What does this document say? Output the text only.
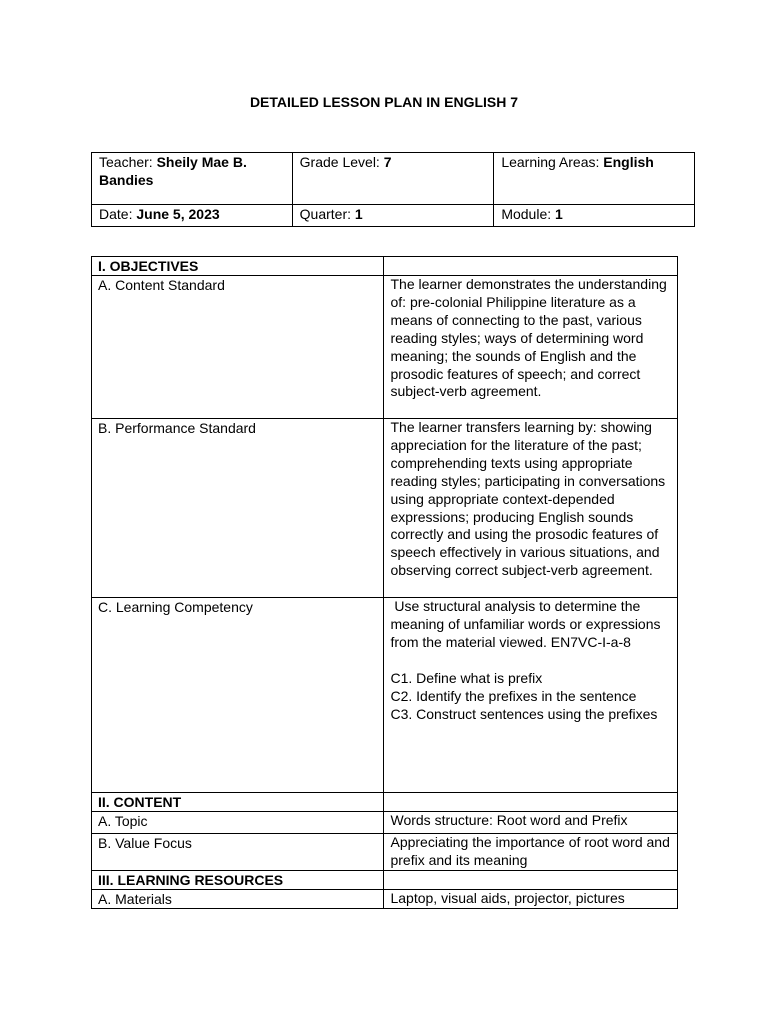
DETAILED LESSON PLAN IN ENGLISH 7
Teacher: Sheily Mae B. Bandies	Grade Level: 7	Learning Areas: English
Date: June 5, 2023	Quarter: 1	Module: 1
I. OBJECTIVES	
A. Content Standard	The learner demonstrates the understanding of: pre-colonial Philippine literature as a means of connecting to the past, various reading styles; ways of determining word meaning; the sounds of English and the prosodic features of speech; and correct subject-verb agreement.
B. Performance Standard	The learner transfers learning by: showing appreciation for the literature of the past; comprehending texts using appropriate reading styles; participating in conversations using appropriate context-depended expressions; producing English sounds correctly and using the prosodic features of speech effectively in various situations, and observing correct subject-verb agreement.
C. Learning Competency	Use structural analysis to determine the meaning of unfamiliar words or expressions from the material viewed. EN7VC-I-a-8
C1. Define what is prefix
C2. Identify the prefixes in the sentence
C3. Construct sentences using the prefixes

II. CONTENT	
A. Topic	Words structure: Root word and Prefix
B. Value Focus	Appreciating the importance of root word and prefix and its meaning
III. LEARNING RESOURCES	
A. Materials	Laptop, visual aids, projector, pictures
